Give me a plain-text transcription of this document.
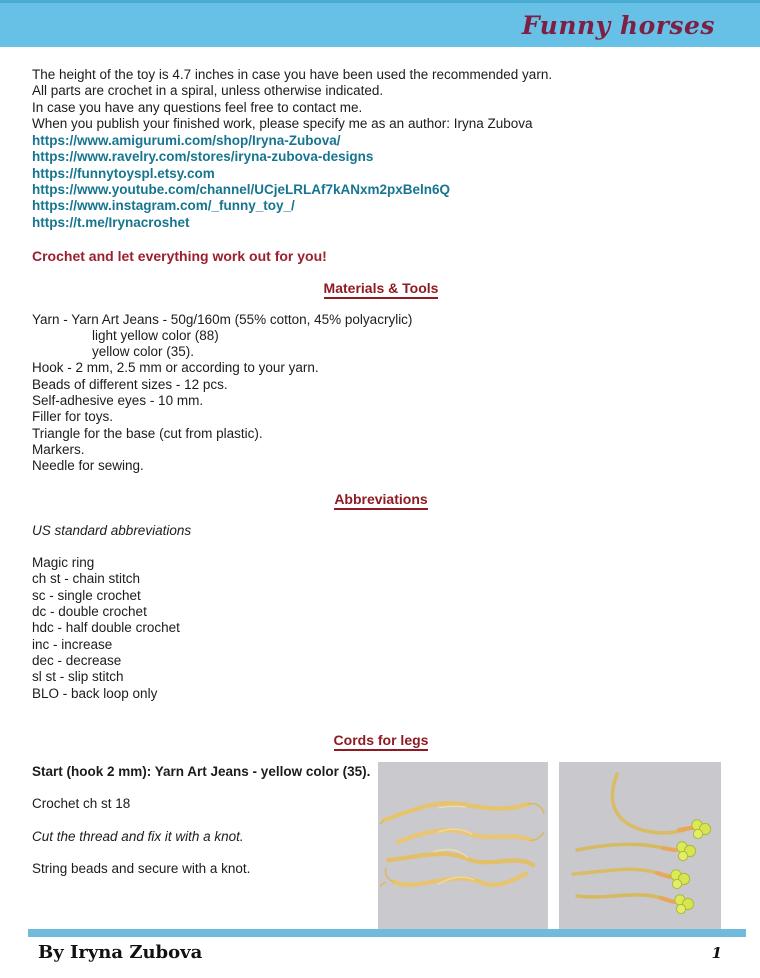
Funny horses
The height of the toy is 4.7 inches in case you have been used the recommended yarn.
All parts are crochet in a spiral, unless otherwise indicated.
In case you have any questions feel free to contact me.
When you publish your finished work, please specify me as an author: Iryna Zubova
https://www.amigurumi.com/shop/Iryna-Zubova/
https://www.ravelry.com/stores/iryna-zubova-designs
https://funnytoyspl.etsy.com
https://www.youtube.com/channel/UCjeLRLAf7kANxm2pxBeln6Q
https://www.instagram.com/_funny_toy_/
https://t.me/Irynacroshet
Crochet and let everything work out for you!
Materials & Tools
Yarn - Yarn Art Jeans - 50g/160m (55% cotton, 45% polyacrylic)
light yellow color (88)
yellow color (35).
Hook - 2 mm, 2.5 mm or according to your yarn.
Beads of different sizes - 12 pcs.
Self-adhesive eyes - 10 mm.
Filler for toys.
Triangle for the base (cut from plastic).
Markers.
Needle for sewing.
Abbreviations
US standard abbreviations
Magic ring
ch st - chain stitch
sc - single crochet
dc - double crochet
hdc - half double crochet
inc - increase
dec - decrease
sl st - slip stitch
BLO - back loop only
Cords for legs

Start (hook 2 mm): Yarn Art Jeans - yellow color (35).

Crochet ch st 18

Cut the thread and fix it with a knot.

String beads and secure with a knot.

By Iryna Zubova	1
